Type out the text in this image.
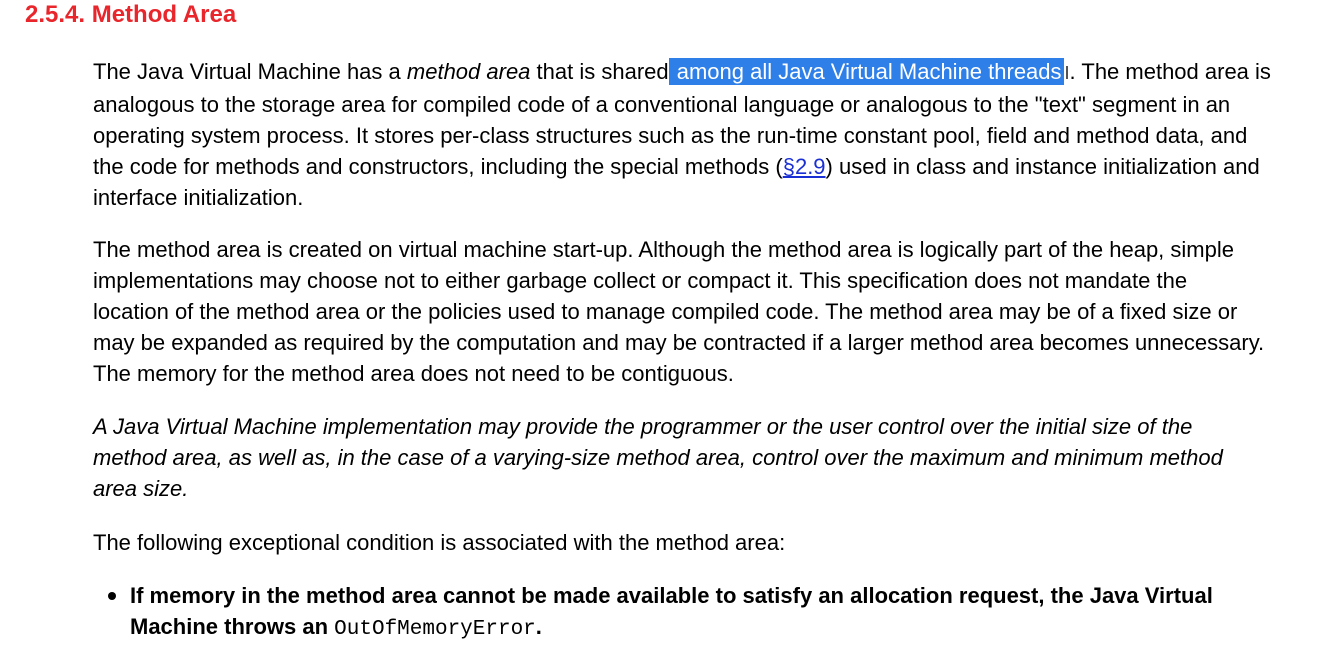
2.5.4. Method Area

The Java Virtual Machine has a method area that is shared among all Java Virtual Machine threads I. The method area is
analogous to the storage area for compiled code of a conventional language or analogous to the "text" segment in an
operating system process. It stores per-class structures such as the run-time constant pool, field and method data, and
the code for methods and constructors, including the special methods (§2.9) used in class and instance initialization and
interface initialization.

The method area is created on virtual machine start-up. Although the method area is logically part of the heap, simple
implementations may choose not to either garbage collect or compact it. This specification does not mandate the
location of the method area or the policies used to manage compiled code. The method area may be of a fixed size or
may be expanded as required by the computation and may be contracted if a larger method area becomes unnecessary.
The memory for the method area does not need to be contiguous.

A Java Virtual Machine implementation may provide the programmer or the user control over the initial size of the
method area, as well as, in the case of a varying-size method area, control over the maximum and minimum method
area size.

The following exceptional condition is associated with the method area:

If memory in the method area cannot be made available to satisfy an allocation request, the Java Virtual
Machine throws an OutOfMemoryError.
